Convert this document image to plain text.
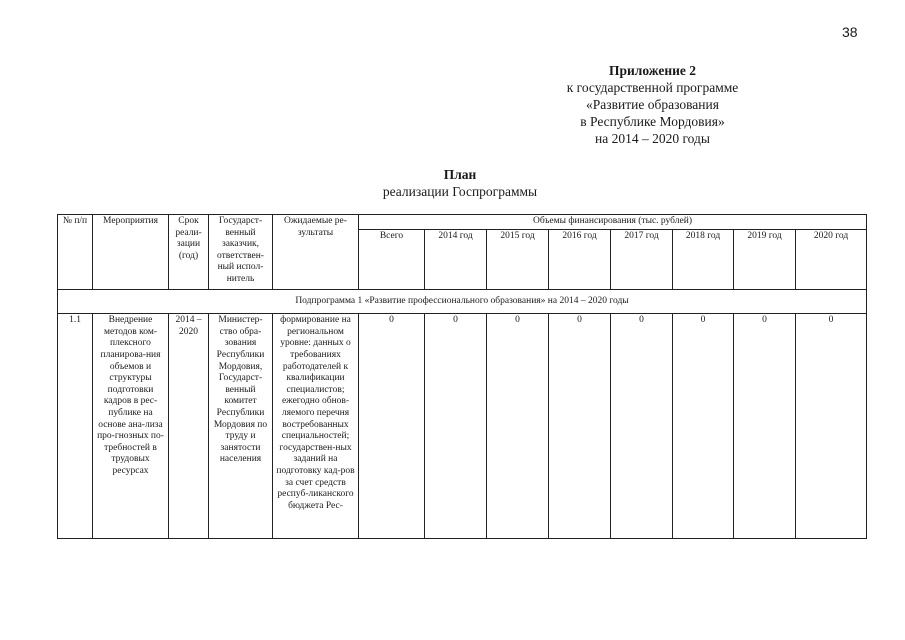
38
Приложение 2
к государственной программе
«Развитие образования
в Республике Мордовия»
на 2014 – 2020 годы
План
реализации Госпрограммы
№ п/п	Мероприятия	Срок реали-зации (год)	Государст-венный заказчик, ответствен-ный испол-нитель	Ожидаемые ре-зультаты	Объемы финансирования (тыс. рублей)							
					Всего	2014 год	2015 год	2016 год	2017 год	2018 год	2019 год	2020 год
Подпрограмма 1 «Развитие профессионального образования» на 2014 – 2020 годы												
1.1	Внедрение методов ком-плексного планирова-ния объемов и структуры подготовки кадров в рес-публике на основе ана-лиза про-гнозных по-требностей в трудовых ресурсах	2014 – 2020	Министер-ство обра-зования Республики Мордовия, Государст-венный комитет Республики Мордовия по труду и занятости населения	формирование на региональном уровне: данных о требованиях работодателей к квалификации специалистов; ежегодно обнов-ляемого перечня востребованных специальностей; государствен-ных заданий на подготовку кад-ров за счет средств респуб-ликанского бюджета Рес-	0	0	0	0	0	0	0	0
